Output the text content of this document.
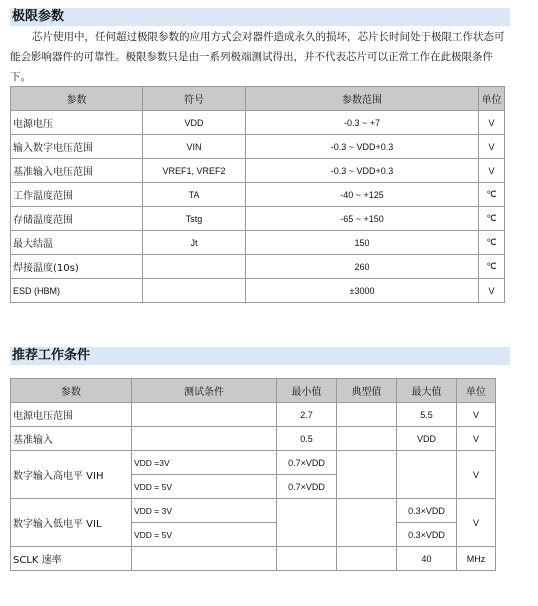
极限参数
芯片使用中，任何超过极限参数的应用方式会对器件造成永久的损坏，芯片长时间处于极限工作状态可能会影响器件的可靠性。极限参数只是由一系列极端测试得出，并不代表芯片可以正常工作在此极限条件下。
参数	符号	参数范围	单位
电源电压	VDD	-0.3 ~ +7	V
输入数字电压范围	VIN	-0.3 ~ VDD+0.3	V
基准输入电压范围	VREF1, VREF2	-0.3 ~ VDD+0.3	V
工作温度范围	TA	-40 ~ +125	℃
存储温度范围	Tstg	-65 ~ +150	℃
最大结温	Jt	150	℃
焊接温度(10s)		260	℃
ESD (HBM)		±3000	V
推荐工作条件
参数	测试条件	最小值	典型值	最大值	单位
电源电压范围		2.7		5.5	V
基准输入		0.5		VDD	V
数字输入高电平 VIH	VDD =3V	0.7×VDD			V
	VDD = 5V	0.7×VDD			
数字输入低电平 VIL	VDD = 3V			0.3×VDD	V
	VDD = 5V			0.3×VDD	
SCLK 速率				40	MHz
